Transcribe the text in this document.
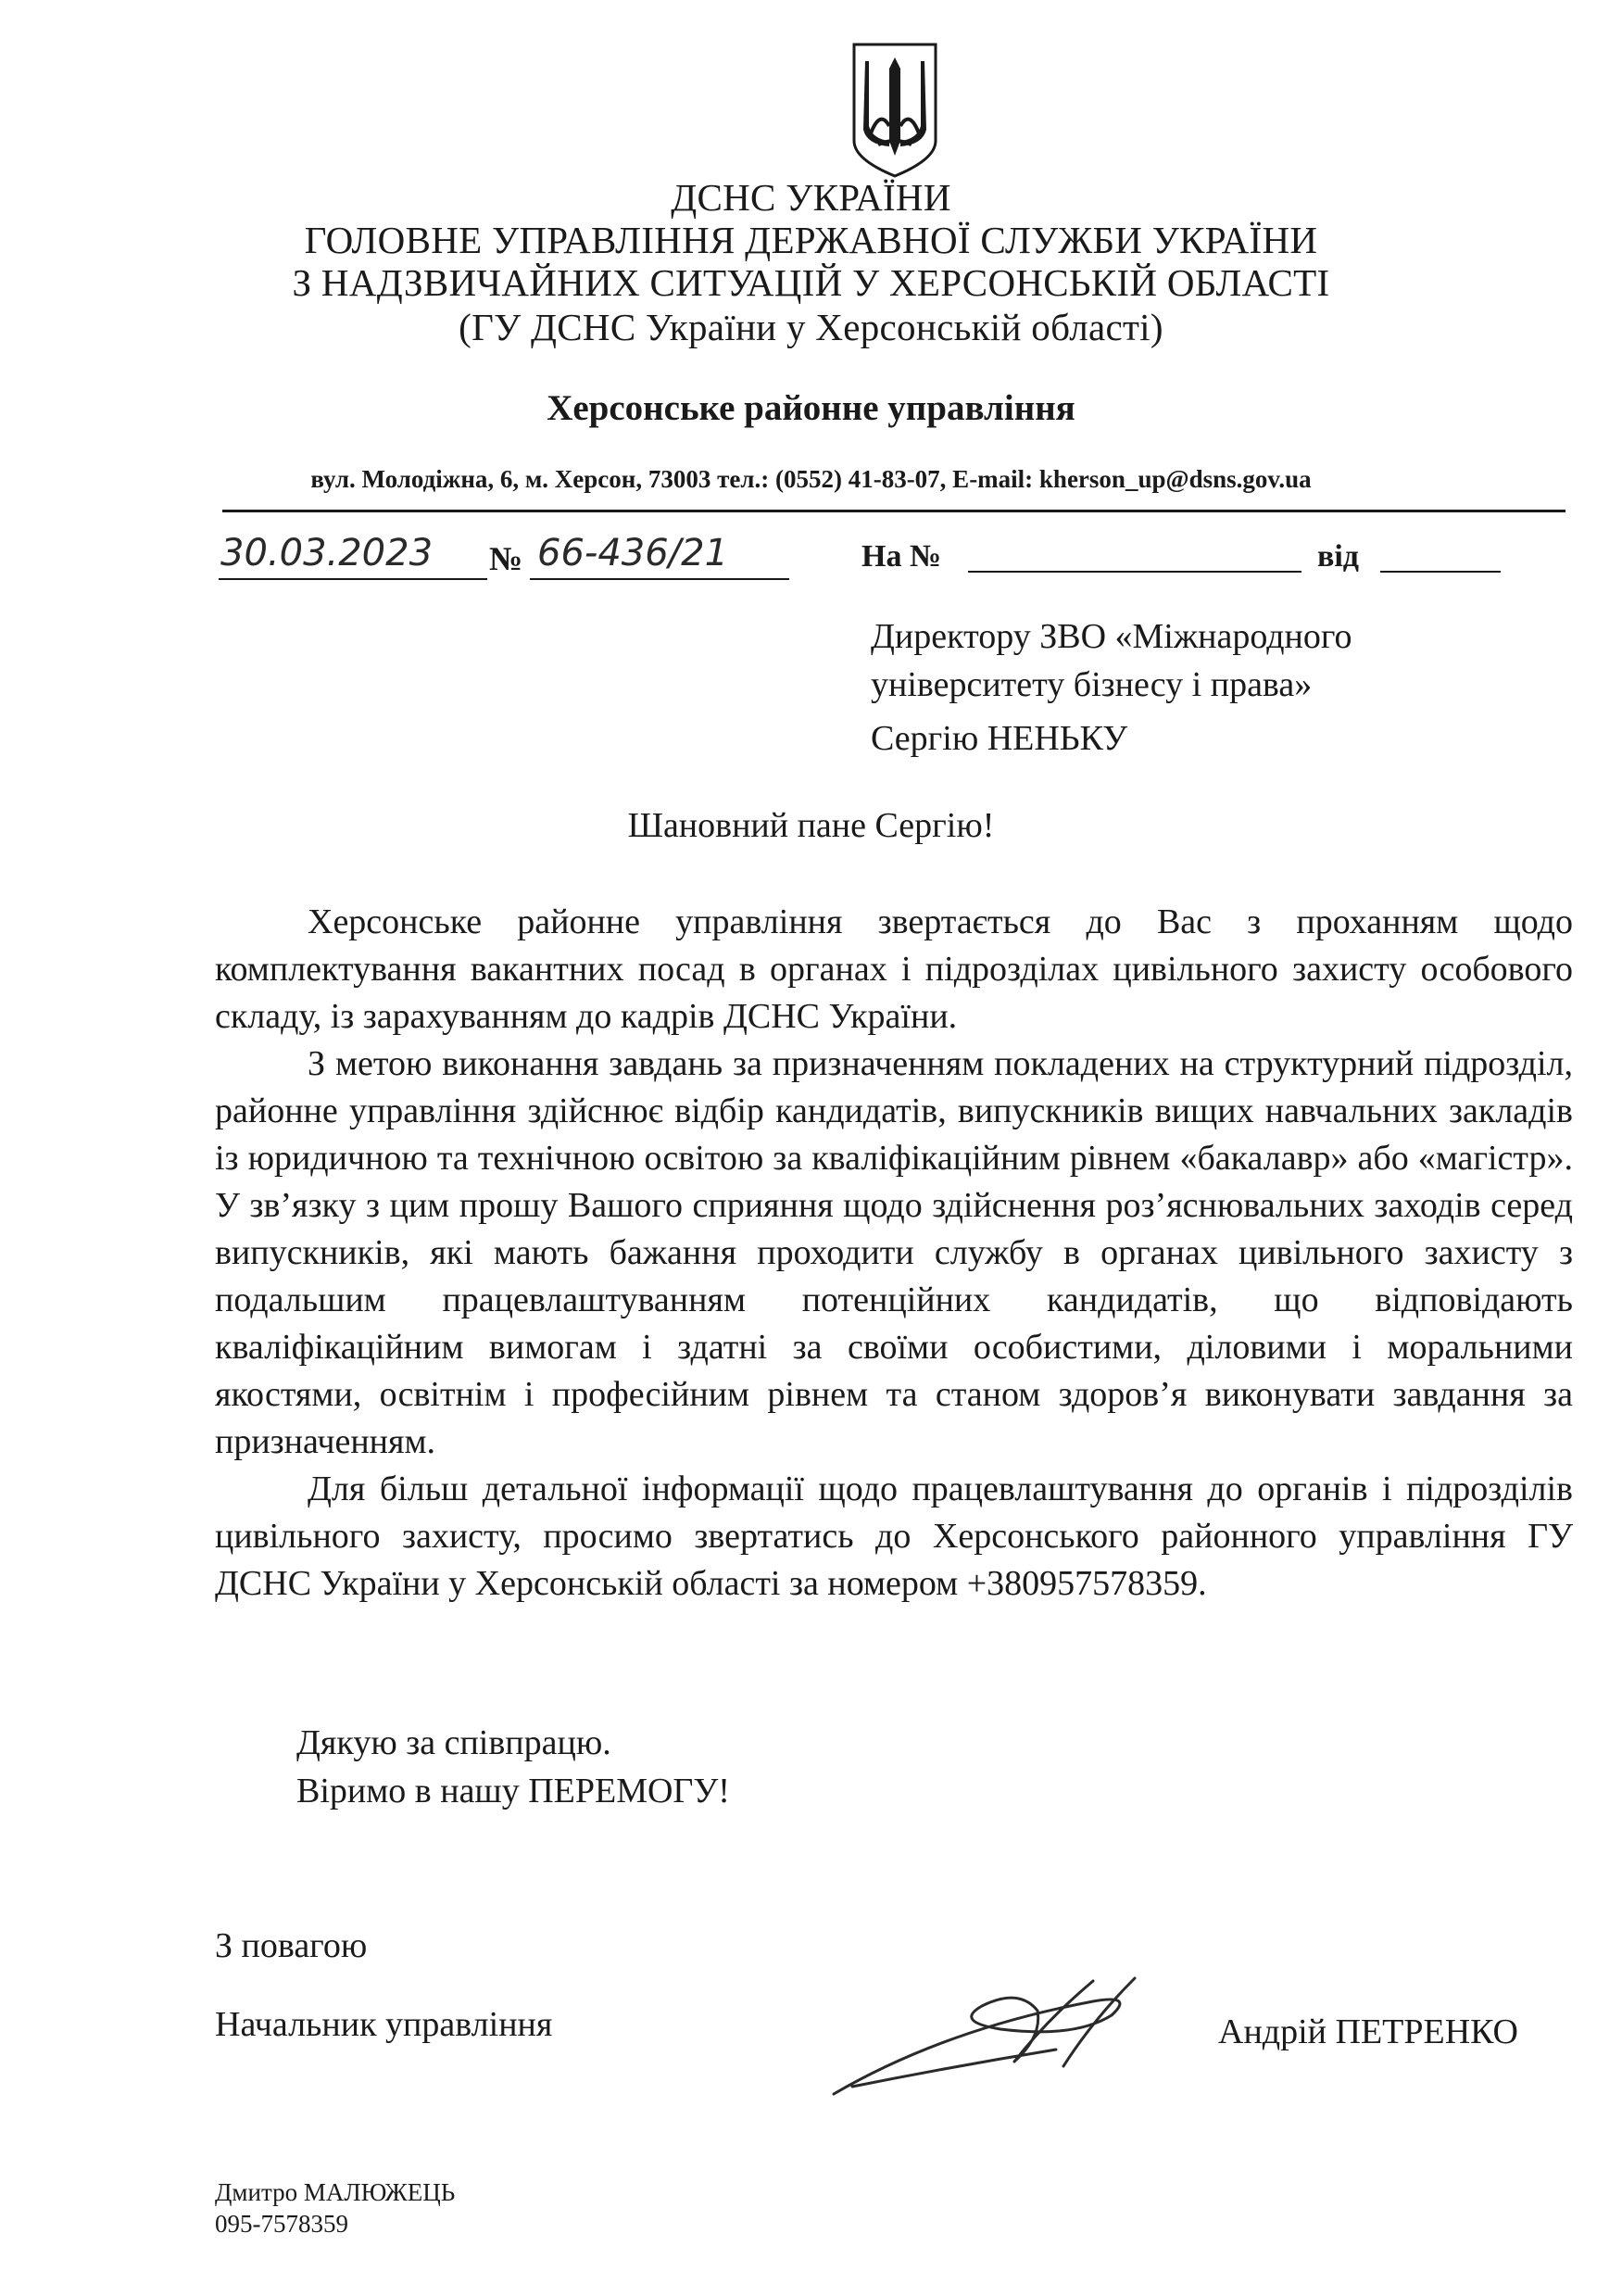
ДСНС УКРАЇНИ
ГОЛОВНЕ УПРАВЛІННЯ ДЕРЖАВНОЇ СЛУЖБИ УКРАЇНИ
З НАДЗВИЧАЙНИХ СИТУАЦІЙ У ХЕРСОНСЬКІЙ ОБЛАСТІ
(ГУ ДСНС України у Херсонській області)
Херсонське районне управління
вул. Молодіжна, 6, м. Херсон, 73003 тел.: (0552) 41-83-07, E-mail: kherson_up@dsns.gov.ua
30.03.2023 № 66-436/21	На №	від
Директору ЗВО «Міжнародного
університету бізнесу і права»
Сергію НЕНЬКУ
Шановний пане Сергію!

Херсонське районне управління звертається до Вас з проханням щодо комплектування вакантних посад в органах і підрозділах цивільного захисту особового складу, із зарахуванням до кадрів ДСНС України.

З метою виконання завдань за призначенням покладених на структурний підрозділ, районне управління здійснює відбір кандидатів, випускників вищих навчальних закладів із юридичною та технічною освітою за кваліфікаційним рівнем «бакалавр» або «магістр». У зв’язку з цим прошу Вашого сприяння щодо здійснення роз’яснювальних заходів серед випускників, які мають бажання проходити службу в органах цивільного захисту з подальшим працевлаштуванням потенційних кандидатів, що відповідають кваліфікаційним вимогам і здатні за своїми особистими, діловими і моральними якостями, освітнім і професійним рівнем та станом здоров’я виконувати завдання за призначенням.

Для більш детальної інформації щодо працевлаштування до органів і підрозділів цивільного захисту, просимо звертатись до Херсонського районного управління ГУ ДСНС України у Херсонській області за номером +380957578359.

Дякую за співпрацю.
Віримо в нашу ПЕРЕМОГУ!
З повагою
Начальник управління	Андрій ПЕТРЕНКО
Дмитро МАЛЮЖЕЦЬ
095-7578359
